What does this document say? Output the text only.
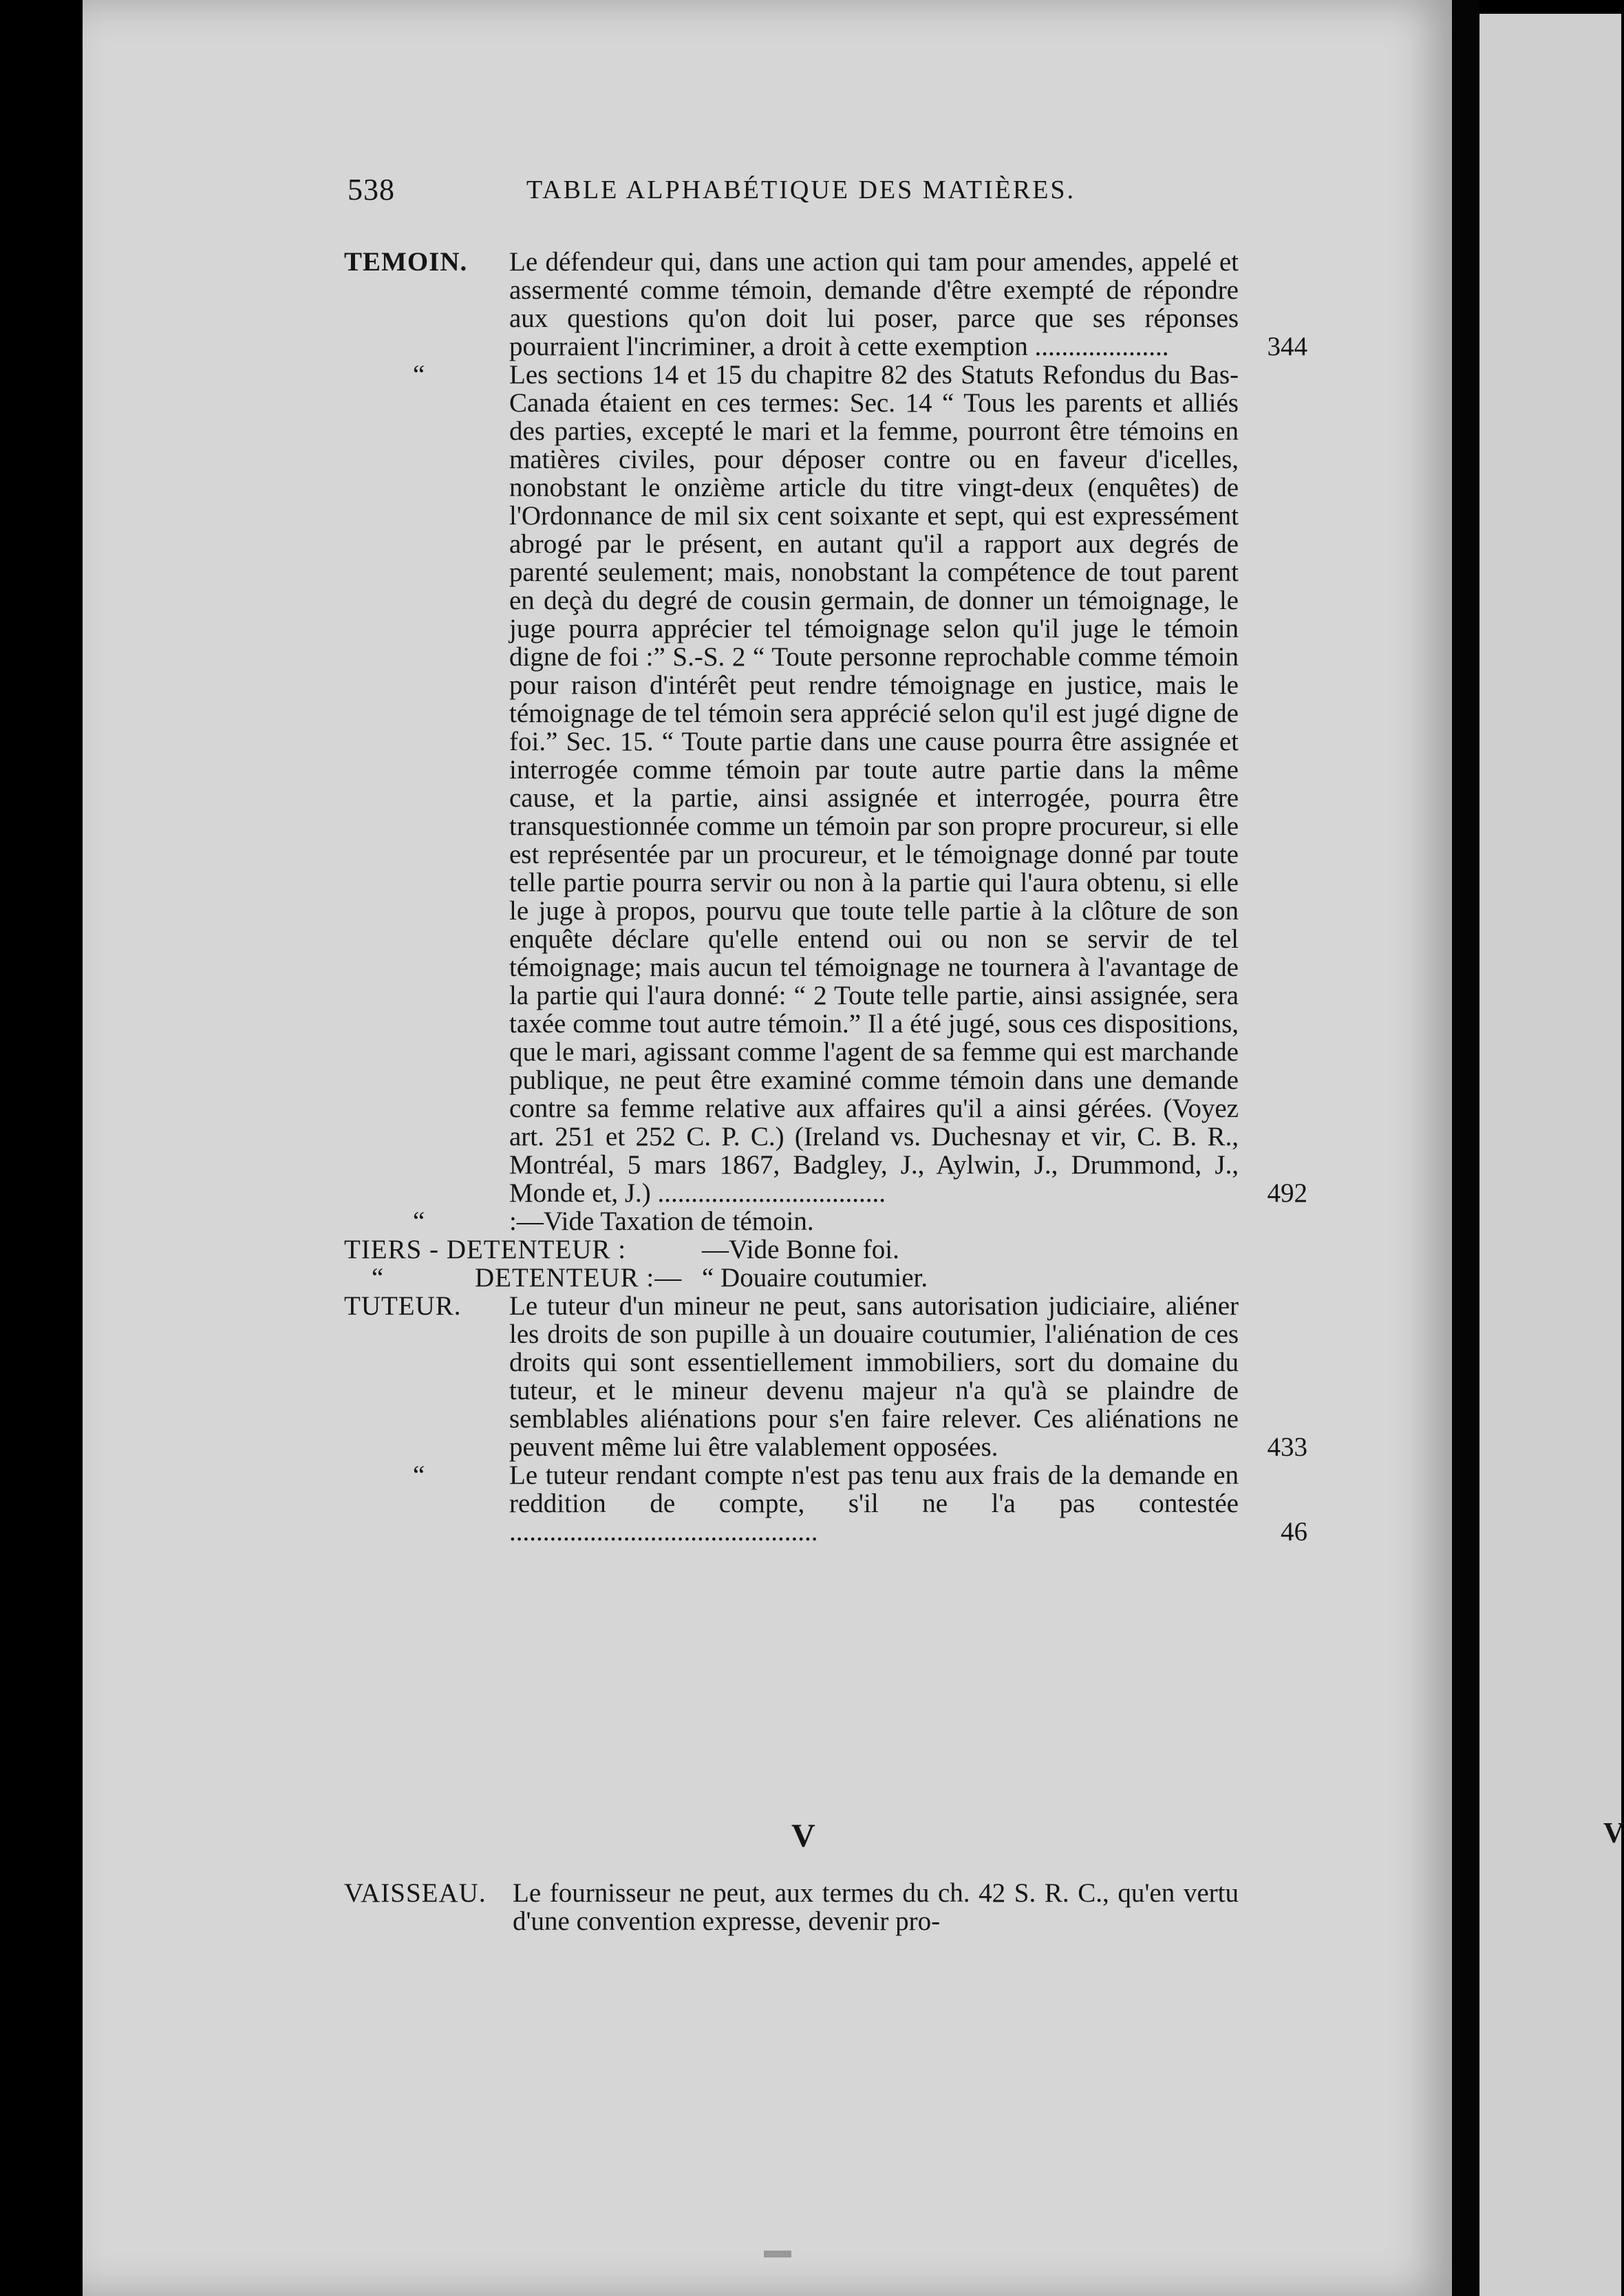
V
538	TABLE ALPHABÉTIQUE DES MATIÈRES.
TEMOIN. Le défendeur qui, dans une action qui tam pour amendes, appelé et assermenté comme témoin, demande d'être exempté de répondre aux questions qu'on doit lui poser, parce que ses réponses pourraient l'incriminer, a droit à cette exemption ....................	344
“	Les sections 14 et 15 du chapitre 82 des Statuts Refondus du Bas-Canada étaient en ces termes: Sec. 14 “ Tous les parents et alliés des parties, excepté le mari et la femme, pourront être témoins en matières civiles, pour déposer contre ou en faveur d'icelles, nonobstant le onzième article du titre vingt-deux (enquêtes) de l'Ordonnance de mil six cent soixante et sept, qui est expressément abrogé par le présent, en autant qu'il a rapport aux degrés de parenté seulement; mais, nonobstant la compétence de tout parent en deçà du degré de cousin germain, de donner un témoignage, le juge pourra apprécier tel témoignage selon qu'il juge le témoin digne de foi :” S.-S. 2 “ Toute personne reprochable comme témoin pour raison d'intérêt peut rendre témoignage en justice, mais le témoignage de tel témoin sera apprécié selon qu'il est jugé digne de foi.” Sec. 15. “ Toute partie dans une cause pourra être assignée et interrogée comme témoin par toute autre partie dans la même cause, et la partie, ainsi assignée et interrogée, pourra être transquestionnée comme un témoin par son propre procureur, si elle est représentée par un procureur, et le témoignage donné par toute telle partie pourra servir ou non à la partie qui l'aura obtenu, si elle le juge à propos, pourvu que toute telle partie à la clôture de son enquête déclare qu'elle entend oui ou non se servir de tel témoignage; mais aucun tel témoignage ne tournera à l'avantage de la partie qui l'aura donné: “ 2 Toute telle partie, ainsi assignée, sera taxée comme tout autre témoin.” Il a été jugé, sous ces dispositions, que le mari, agissant comme l'agent de sa femme qui est marchande publique, ne peut être examiné comme témoin dans une demande contre sa femme relative aux affaires qu'il a ainsi gérées. (Voyez art. 251 et 252 C. P. C.) (Ireland vs. Duchesnay et vir, C. B. R., Montréal, 5 mars 1867, Badgley, J., Aylwin, J., Drummond, J., Monde et, J.) ..................................	492
“	:—Vide Taxation de témoin.
TIERS - DETENTEUR :	—Vide Bonne foi.
“	DETENTEUR :— “ Douaire coutumier.
TUTEUR. Le tuteur d'un mineur ne peut, sans autorisation judiciaire, aliéner les droits de son pupille à un douaire coutumier, l'aliénation de ces droits qui sont essentiellement immobiliers, sort du domaine du tuteur, et le mineur devenu majeur n'a qu'à se plaindre de semblables aliénations pour s'en faire relever. Ces aliénations ne peuvent même lui être valablement opposées.	433
“	Le tuteur rendant compte n'est pas tenu aux frais de la demande en reddition de compte, s'il ne l'a pas contestée ..............................................	46
V
VAISSEAU. Le fournisseur ne peut, aux termes du ch. 42 S. R. C., qu'en vertu d'une convention expresse, devenir pro-
